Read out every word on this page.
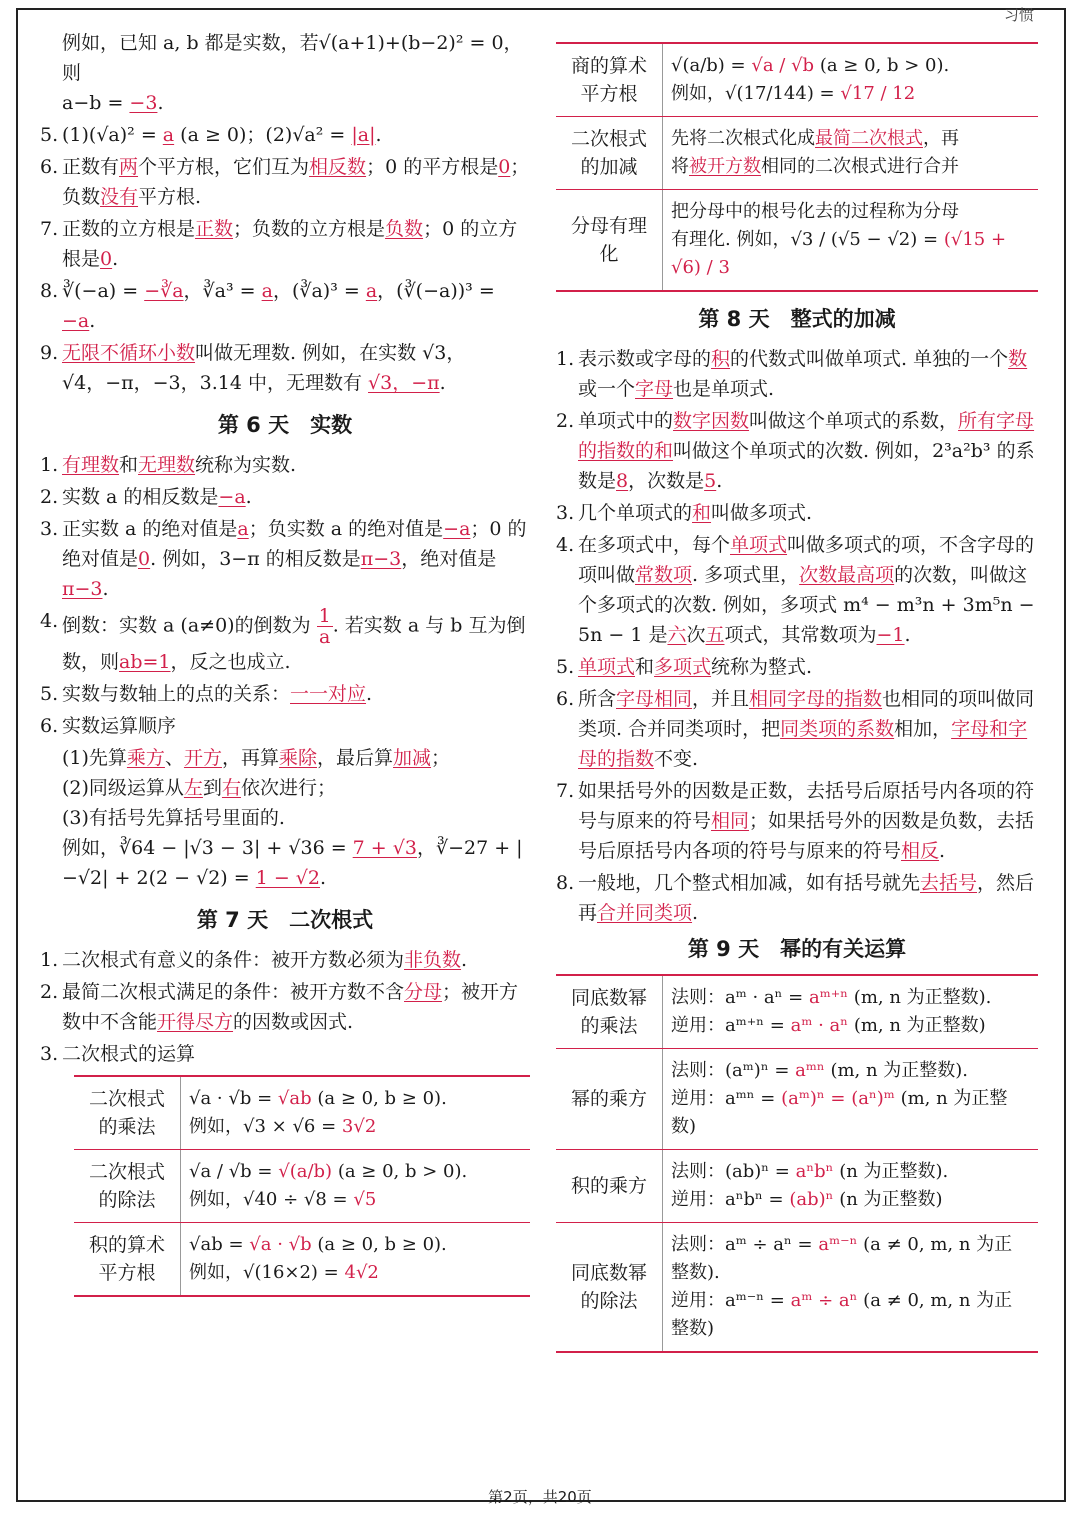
习惯
例如，已知 a, b 都是实数，若√(a+1)+(b−2)² = 0，则
a−b = −3.
5. (1)(√a)² = a (a ≥ 0)；(2)√a² = |a|.
6. 正数有两个平方根，它们互为相反数；0 的平方根是0；负数没有平方根.
7. 正数的立方根是正数；负数的立方根是负数；0 的立方根是0.
8. ∛(−a) = −∛a，∛a³ = a，(∛a)³ = a，(∛(−a))³ = −a.
9. 无限不循环小数叫做无理数. 例如，在实数 √3，√4，−π，−3，3.14 中，无理数有 √3，−π.
第 6 天　实数
1. 有理数和无理数统称为实数.
2. 实数 a 的相反数是−a.
3. 正实数 a 的绝对值是a；负实数 a 的绝对值是−a；0 的绝对值是0. 例如，3−π 的相反数是π−3，绝对值是π−3.
4. 倒数：实数 a (a≠0)的倒数为 $\frac{1}{a}$ . 若实数 a 与 b 互为倒数，则ab=1，反之也成立.
5. 实数与数轴上的点的关系：一一对应.
6. 实数运算顺序
(1)先算乘方、开方，再算乘除，最后算加减；
(2)同级运算从左到右依次进行；
(3)有括号先算括号里面的.
例如，∛64 − |√3 − 3| + √36 = 7 + √3，∛−27 + |−√2| + 2(2 − √2) = 1 − √2.
第 7 天　二次根式
1. 二次根式有意义的条件：被开方数必须为非负数.
2. 最简二次根式满足的条件：被开方数不含分母；被开方数中不含能开得尽方的因数或因式.
3. 二次根式的运算
二次根式的乘法	√a · √b = √ab (a ≥ 0, b ≥ 0).
例如，√3 × √6 = 3√2
二次根式的除法	√a / √b = √(a/b) (a ≥ 0, b > 0).
例如，√40 ÷ √8 = √5
积的算术平方根	√ab = √a · √b (a ≥ 0, b ≥ 0).
例如，√(16×2) = 4√2
商的算术平方根	√(a/b) = √a / √b (a ≥ 0, b > 0).
例如，√(17/144) = √17 / 12
二次根式的加减	先将二次根式化成最简二次根式，再
将被开方数相同的二次根式进行合并
分母有理化	把分母中的根号化去的过程称为分母
有理化. 例如，√3 / (√5 − √2) = (√15 + √6) / 3
第 8 天　整式的加减
1. 表示数或字母的积的代数式叫做单项式. 单独的一个数或一个字母也是单项式.
2. 单项式中的数字因数叫做这个单项式的系数，所有字母的指数的和叫做这个单项式的次数. 例如，2³a²b³ 的系数是8，次数是5.
3. 几个单项式的和叫做多项式.
4. 在多项式中，每个单项式叫做多项式的项，不含字母的项叫做常数项. 多项式里，次数最高项的次数，叫做这个多项式的次数. 例如，多项式 m⁴ − m³n + 3m⁵n − 5n − 1 是六次五项式，其常数项为−1.
5. 单项式和多项式统称为整式.
6. 所含字母相同，并且相同字母的指数也相同的项叫做同类项. 合并同类项时，把同类项的系数相加，字母和字母的指数不变.
7. 如果括号外的因数是正数，去括号后原括号内各项的符号与原来的符号相同；如果括号外的因数是负数，去括号后原括号内各项的符号与原来的符号相反.
8. 一般地，几个整式相加减，如有括号就先去括号，然后再合并同类项.
第 9 天　幂的有关运算
同底数幂的乘法	法则：aᵐ · aⁿ = aᵐ⁺ⁿ (m, n 为正整数).
逆用：aᵐ⁺ⁿ = aᵐ · aⁿ (m, n 为正整数)
幂的乘方	法则：(aᵐ)ⁿ = aᵐⁿ (m, n 为正整数).
逆用：aᵐⁿ = (aᵐ)ⁿ = (aⁿ)ᵐ (m, n 为正整数)
积的乘方	法则：(ab)ⁿ = aⁿbⁿ (n 为正整数).
逆用：aⁿbⁿ = (ab)ⁿ (n 为正整数)
同底数幂的除法	法则：aᵐ ÷ aⁿ = aᵐ⁻ⁿ (a ≠ 0, m, n 为正整数).
逆用：aᵐ⁻ⁿ = aᵐ ÷ aⁿ (a ≠ 0, m, n 为正整数)
第2页，共20页
